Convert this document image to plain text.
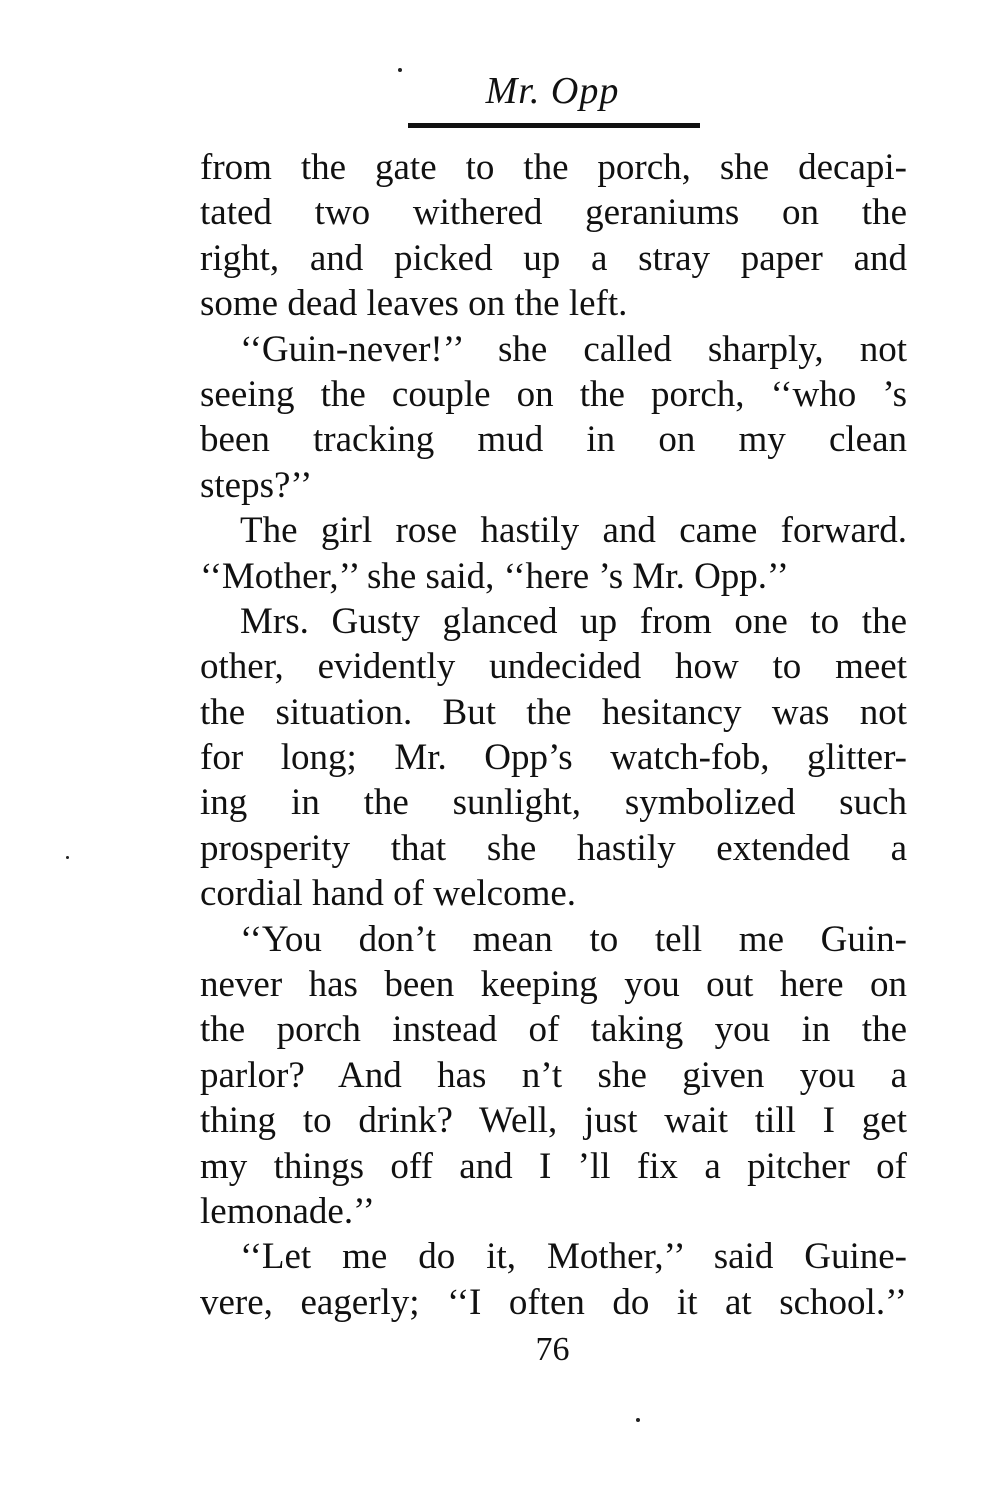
Mr. Opp
from the gate to the porch, she decapi-
tated two withered geraniums on the
right, and picked up a stray paper and
some dead leaves on the left.
‘‘Guin-never!’’ she called sharply, not
seeing the couple on the porch, ‘‘who ’s
been tracking mud in on my clean
steps?’’
The girl rose hastily and came forward.
‘‘Mother,’’ she said, ‘‘here ’s Mr. Opp.’’
Mrs. Gusty glanced up from one to the
other, evidently undecided how to meet
the situation. But the hesitancy was not
for long; Mr. Opp’s watch-fob, glitter-
ing in the sunlight, symbolized such
prosperity that she hastily extended a
cordial hand of welcome.
‘‘You don’t mean to tell me Guin-
never has been keeping you out here on
the porch instead of taking you in the
parlor? And has n’t she given you a
thing to drink? Well, just wait till I get
my things off and I ’ll fix a pitcher of
lemonade.’’
‘‘Let me do it, Mother,’’ said Guine-
vere, eagerly; ‘‘I often do it at school.’’
76
